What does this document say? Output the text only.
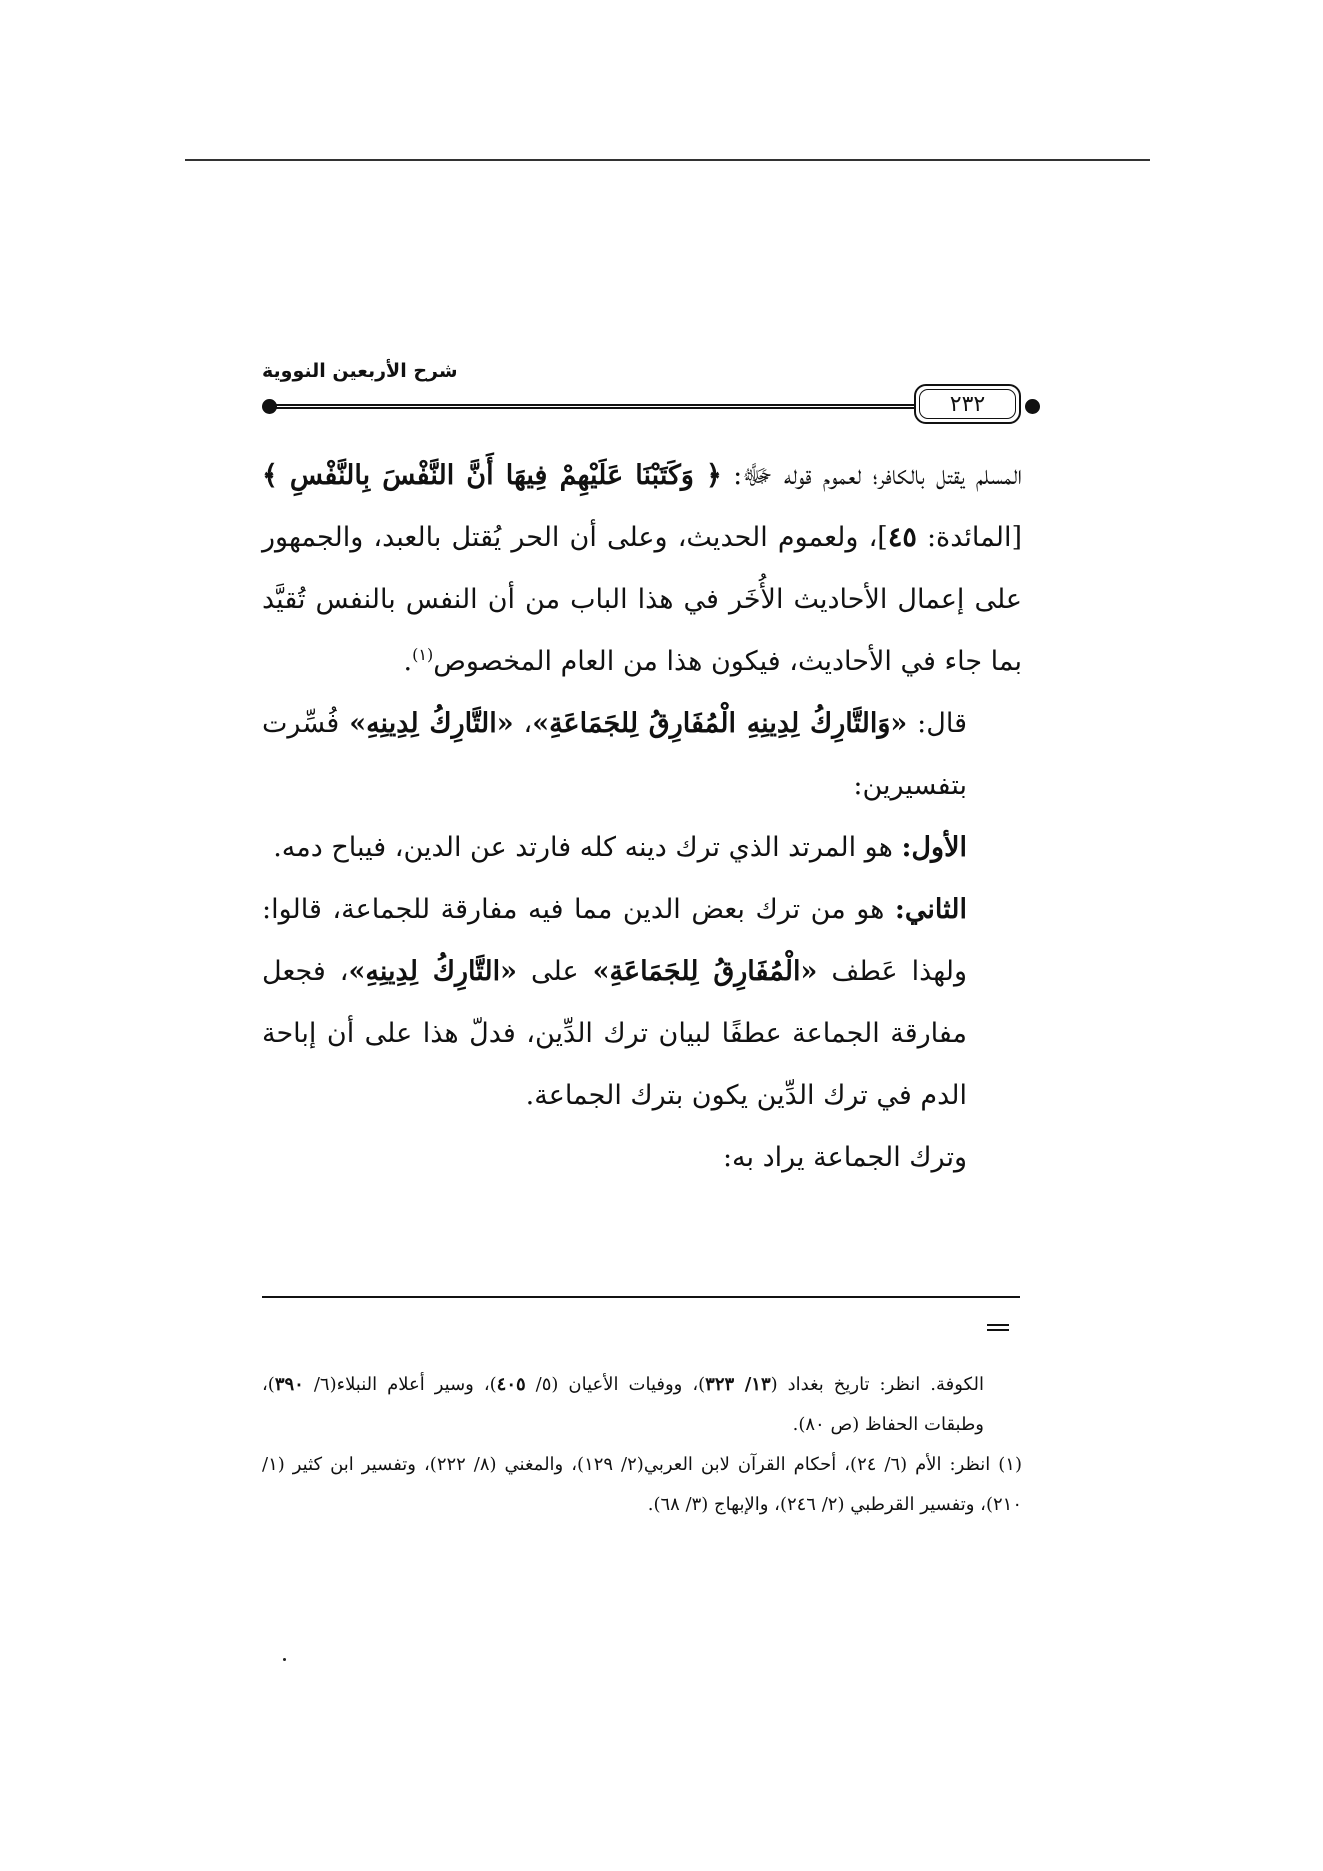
شرح الأربعين النووية
٢٣٢

المسلم يقتل بالكافر؛ لعموم قوله ﷻ: ﴿ وَكَتَبْنَا عَلَيْهِمْ فِيهَا أَنَّ النَّفْسَ بِالنَّفْسِ ﴾[المائدة: ٤٥]، ولعموم الحديث، وعلى أن الحر يُقتل بالعبد، والجمهور على إعمال الأحاديث الأُخَر في هذا الباب من أن النفس بالنفس تُقيَّد بما جاء في الأحاديث، فيكون هذا من العام المخصوص$^{(١)}$.

قال: «وَالتَّارِكُ لِدِينِهِ الْمُفَارِقُ لِلجَمَاعَةِ»، «التَّارِكُ لِدِينِهِ» فُسِّرت بتفسيرين:

الأول: هو المرتد الذي ترك دينه كله فارتد عن الدين، فيباح دمه.

الثاني: هو من ترك بعض الدين مما فيه مفارقة للجماعة، قالوا: ولهذا عَطف «الْمُفَارِقُ لِلجَمَاعَةِ» على «التَّارِكُ لِدِينِهِ»، فجعل مفارقة الجماعة عطفًا لبيان ترك الدِّين، فدلّ هذا على أن إباحة الدم في ترك الدِّين يكون بترك الجماعة.

وترك الجماعة يراد به:

الكوفة. انظر: تاريخ بغداد (١٣/ ٣٢٣)، ووفيات الأعيان (٥/ ٤٠٥)، وسير أعلام النبلاء(٦/ ٣٩٠)، وطبقات الحفاظ (ص ٨٠).

(١) انظر: الأم (٦/ ٢٤)، أحكام القرآن لابن العربي(٢/ ١٢٩)، والمغني (٨/ ٢٢٢)، وتفسير ابن كثير (١/ ٢١٠)، وتفسير القرطبي (٢/ ٢٤٦)، والإبهاج (٣/ ٦٨).
